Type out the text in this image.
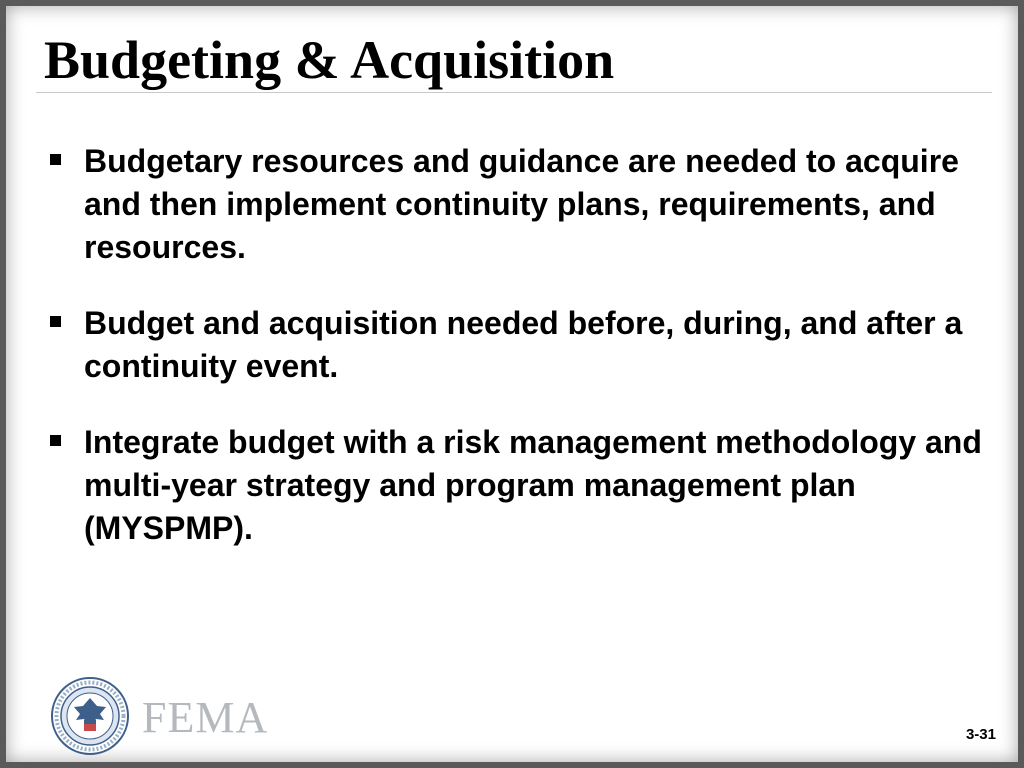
Budgeting & Acquisition
Budgetary resources and guidance are needed to acquire and then implement continuity plans, requirements, and resources.
Budget and acquisition needed before, during, and after a continuity event.
Integrate budget with a risk management methodology and multi-year strategy and program management plan (MYSPMP).
FEMA	3-31
